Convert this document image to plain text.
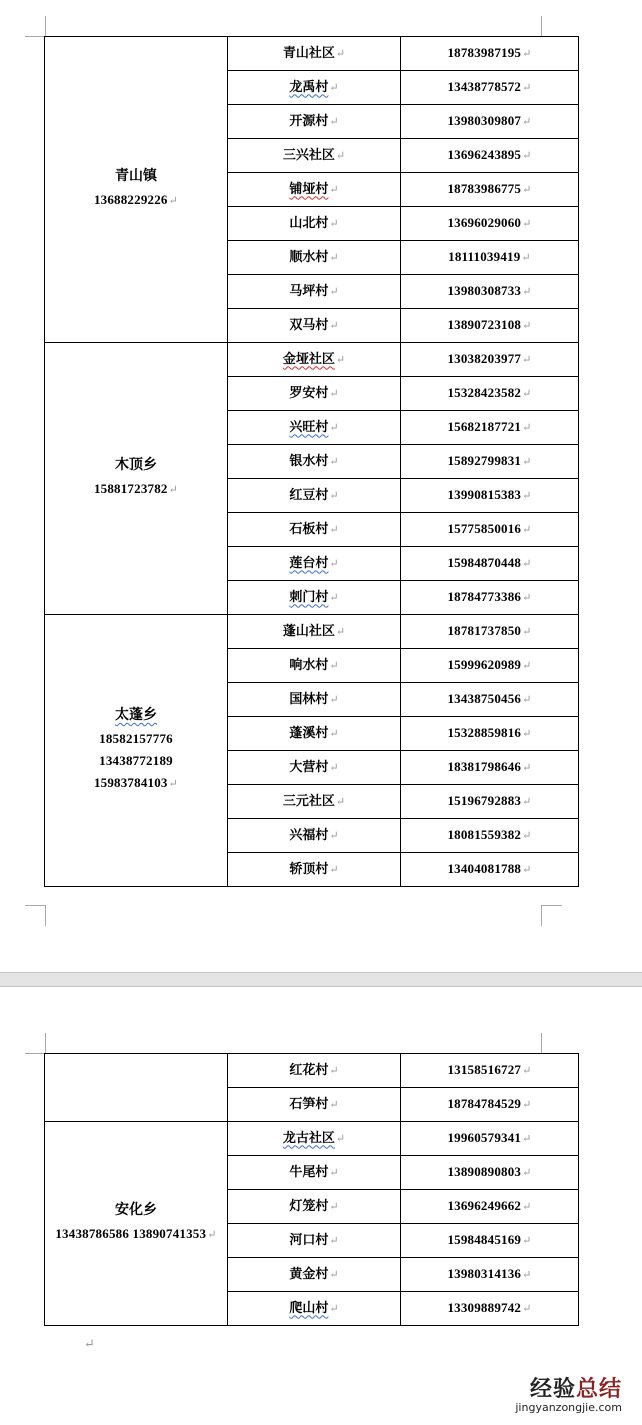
青山镇
13688229226↵	青山社区↵	18783987195↵
	龙禹村↵	13438778572↵
	开源村↵	13980309807↵
	三兴社区↵	13696243895↵
	铺垭村↵	18783986775↵
	山北村↵	13696029060↵
	顺水村↵	18111039419↵
	马坪村↵	13980308733↵
	双马村↵	13890723108↵

木顶乡
15881723782↵	金垭社区↵	13038203977↵
	罗安村↵	15328423582↵
	兴旺村↵	15682187721↵
	银水村↵	15892799831↵
	红豆村↵	13990815383↵
	石板村↵	15775850016↵
	莲台村↵	15984870448↵
	刺门村↵	18784773386↵

太蓬乡
18582157776
13438772189
15983784103↵	蓬山社区↵	18781737850↵
	响水村↵	15999620989↵
	国林村↵	13438750456↵
	蓬溪村↵	15328859816↵
	大营村↵	18381798646↵
	三元社区↵	15196792883↵
	兴福村↵	18081559382↵
	轿顶村↵	13404081788↵
	红花村↵	13158516727↵
	石笋村↵	18784784529↵

安化乡
13438786586 13890741353↵	龙古社区↵	19960579341↵
	牛尾村↵	13890890803↵
	灯笼村↵	13696249662↵
	河口村↵	15984845169↵
	黄金村↵	13980314136↵
	爬山村↵	13309889742↵
↵
经验总结
jingyanzongjie.com
